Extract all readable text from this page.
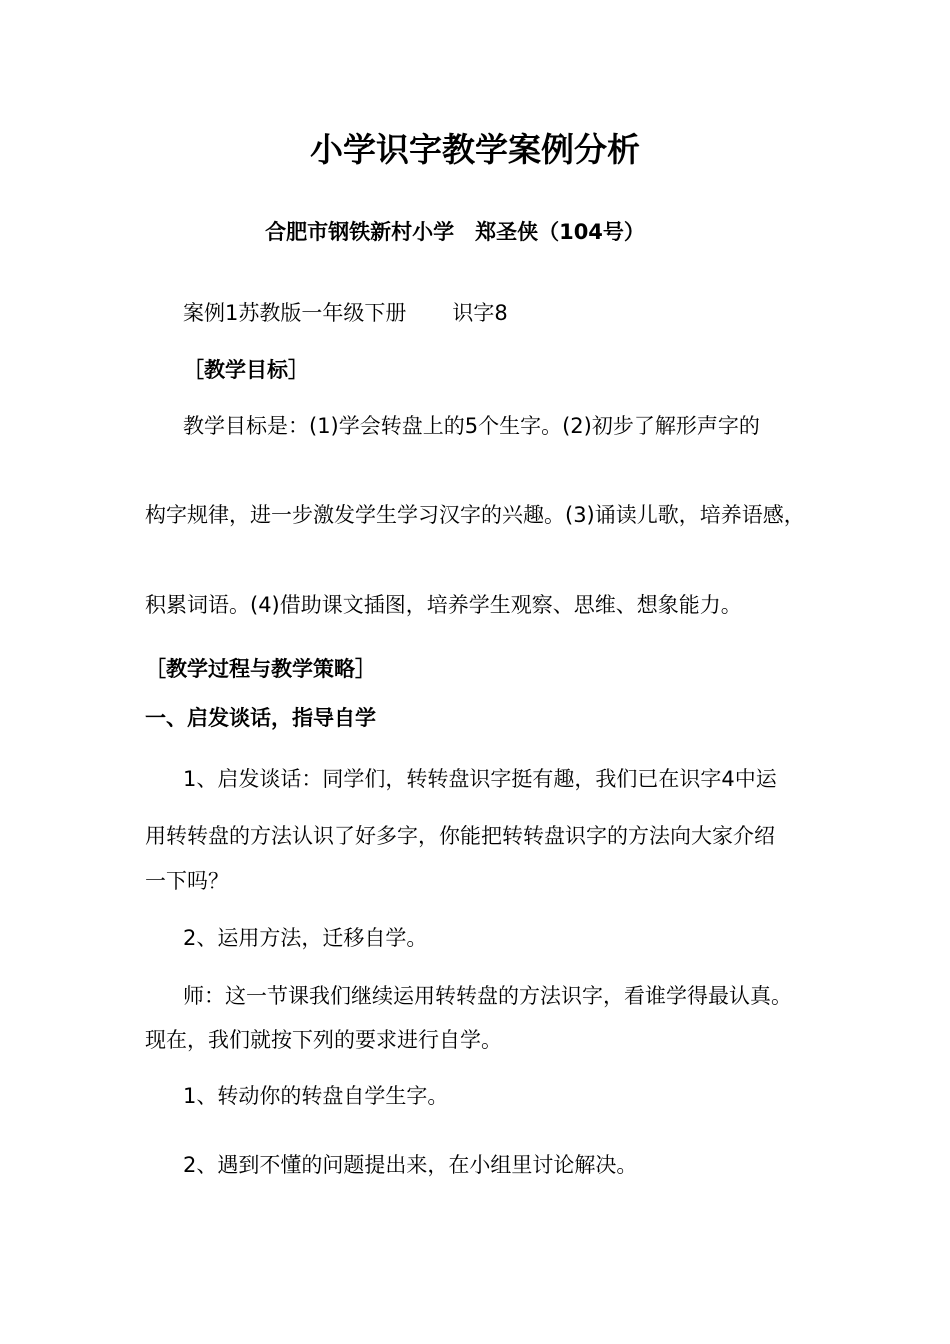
小学识字教学案例分析
合肥市钢铁新村小学　郑圣侠（104号）
案例1苏教版一年级下册 识字8
［教学目标］
教学目标是：(1)学会转盘上的5个生字。(2)初步了解形声字的
构字规律，进一步激发学生学习汉字的兴趣。(3)诵读儿歌，培养语感，
积累词语。(4)借助课文插图，培养学生观察、思维、想象能力。
［教学过程与教学策略］
一、启发谈话，指导自学
1、启发谈话：同学们，转转盘识字挺有趣，我们已在识字4中运
用转转盘的方法认识了好多字，你能把转转盘识字的方法向大家介绍
一下吗？
2、运用方法，迁移自学。
师：这一节课我们继续运用转转盘的方法识字，看谁学得最认真。
现在，我们就按下列的要求进行自学。
1、转动你的转盘自学生字。
2、遇到不懂的问题提出来，在小组里讨论解决。
